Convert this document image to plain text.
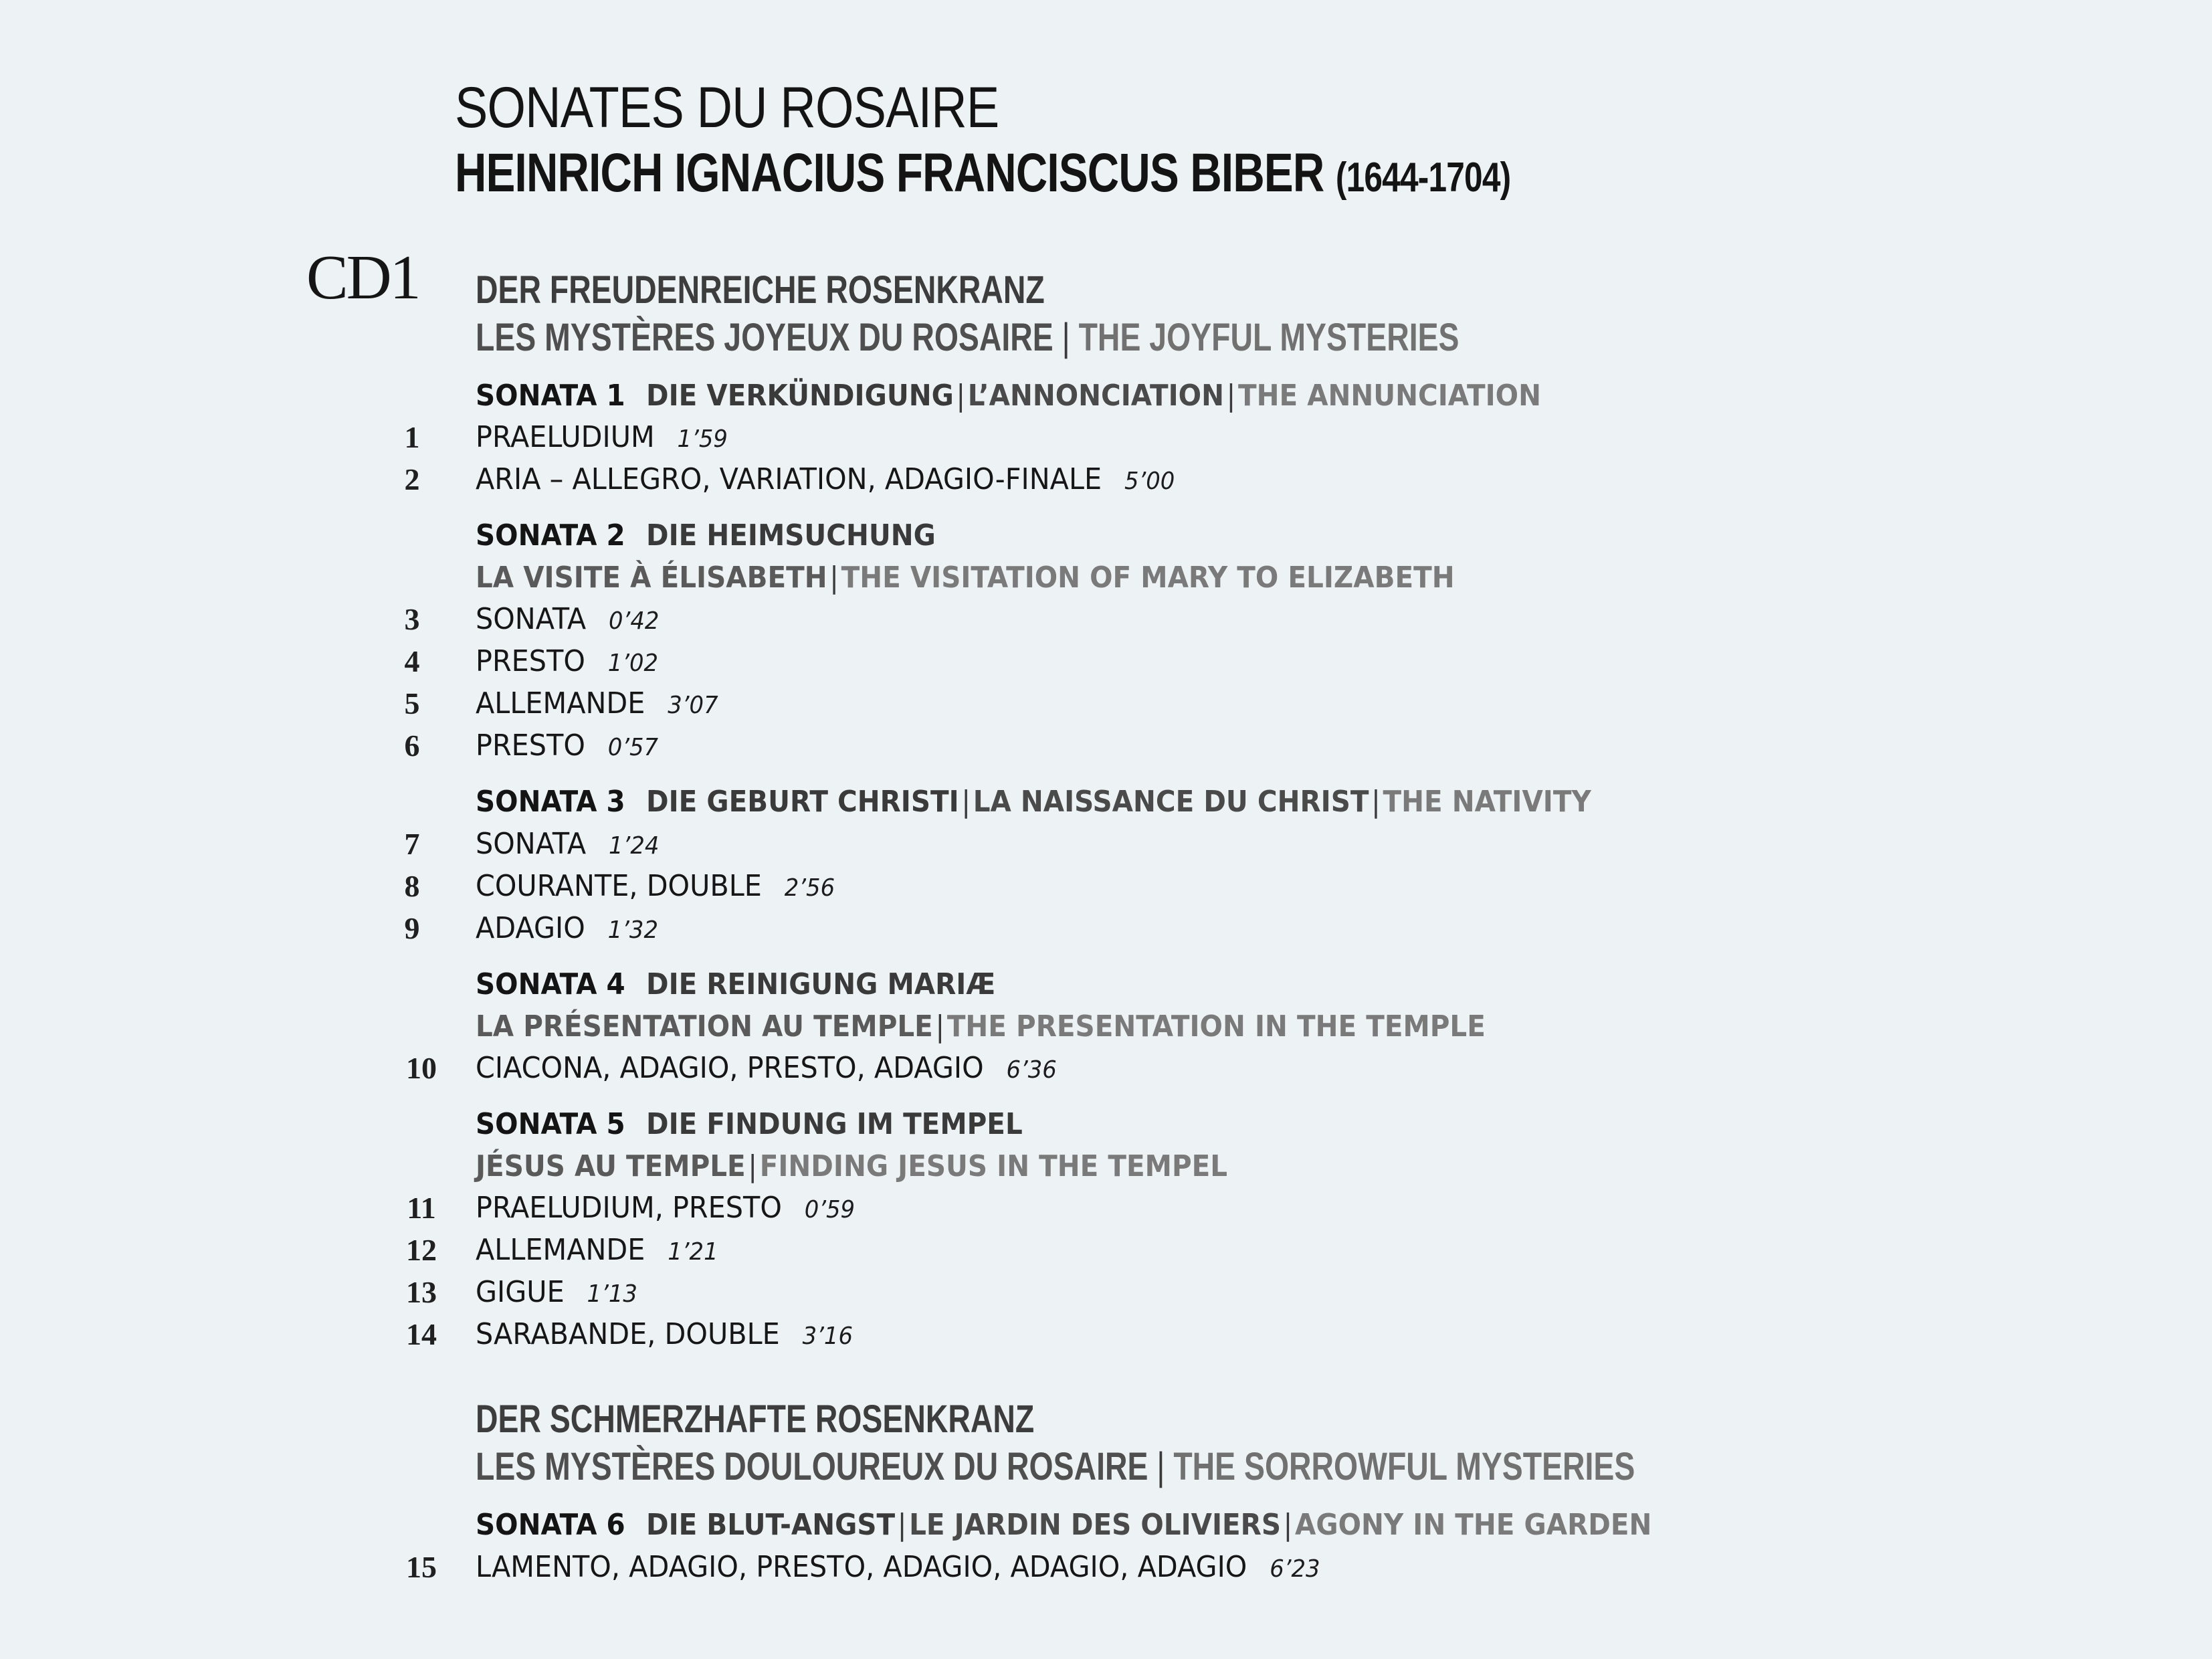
SONATES DU ROSAIRE
HEINRICH IGNACIUS FRANCISCUS BIBER (1644-1704)
CD1 DER FREUDENREICHE ROSENKRANZ
LES MYSTÈRES JOYEUX DU ROSAIRE | THE JOYFUL MYSTERIES
SONATA 1 DIE VERKÜNDIGUNG|L’ANNONCIATION|THE ANNUNCIATION
1	PRAELUDIUM 1’59
2	ARIA – ALLEGRO, VARIATION, ADAGIO-FINALE 5’00
SONATA 2 DIE HEIMSUCHUNG
LA VISITE À ÉLISABETH|THE VISITATION OF MARY TO ELIZABETH
3	SONATA 0’42
4	PRESTO 1’02
5	ALLEMANDE 3’07
6	PRESTO 0’57
SONATA 3 DIE GEBURT CHRISTI|LA NAISSANCE DU CHRIST|THE NATIVITY
7	SONATA 1’24
8	COURANTE, DOUBLE 2’56
9	ADAGIO 1’32
SONATA 4 DIE REINIGUNG MARIÆ
LA PRÉSENTATION AU TEMPLE|THE PRESENTATION IN THE TEMPLE
10	CIACONA, ADAGIO, PRESTO, ADAGIO 6’36
SONATA 5 DIE FINDUNG IM TEMPEL
JÉSUS AU TEMPLE|FINDING JESUS IN THE TEMPEL
11	PRAELUDIUM, PRESTO 0’59
12	ALLEMANDE 1’21
13	GIGUE 1’13
14	SARABANDE, DOUBLE 3’16
DER SCHMERZHAFTE ROSENKRANZ
LES MYSTÈRES DOULOUREUX DU ROSAIRE | THE SORROWFUL MYSTERIES
SONATA 6 DIE BLUT-ANGST|LE JARDIN DES OLIVIERS|AGONY IN THE GARDEN
15	LAMENTO, ADAGIO, PRESTO, ADAGIO, ADAGIO, ADAGIO 6’23
